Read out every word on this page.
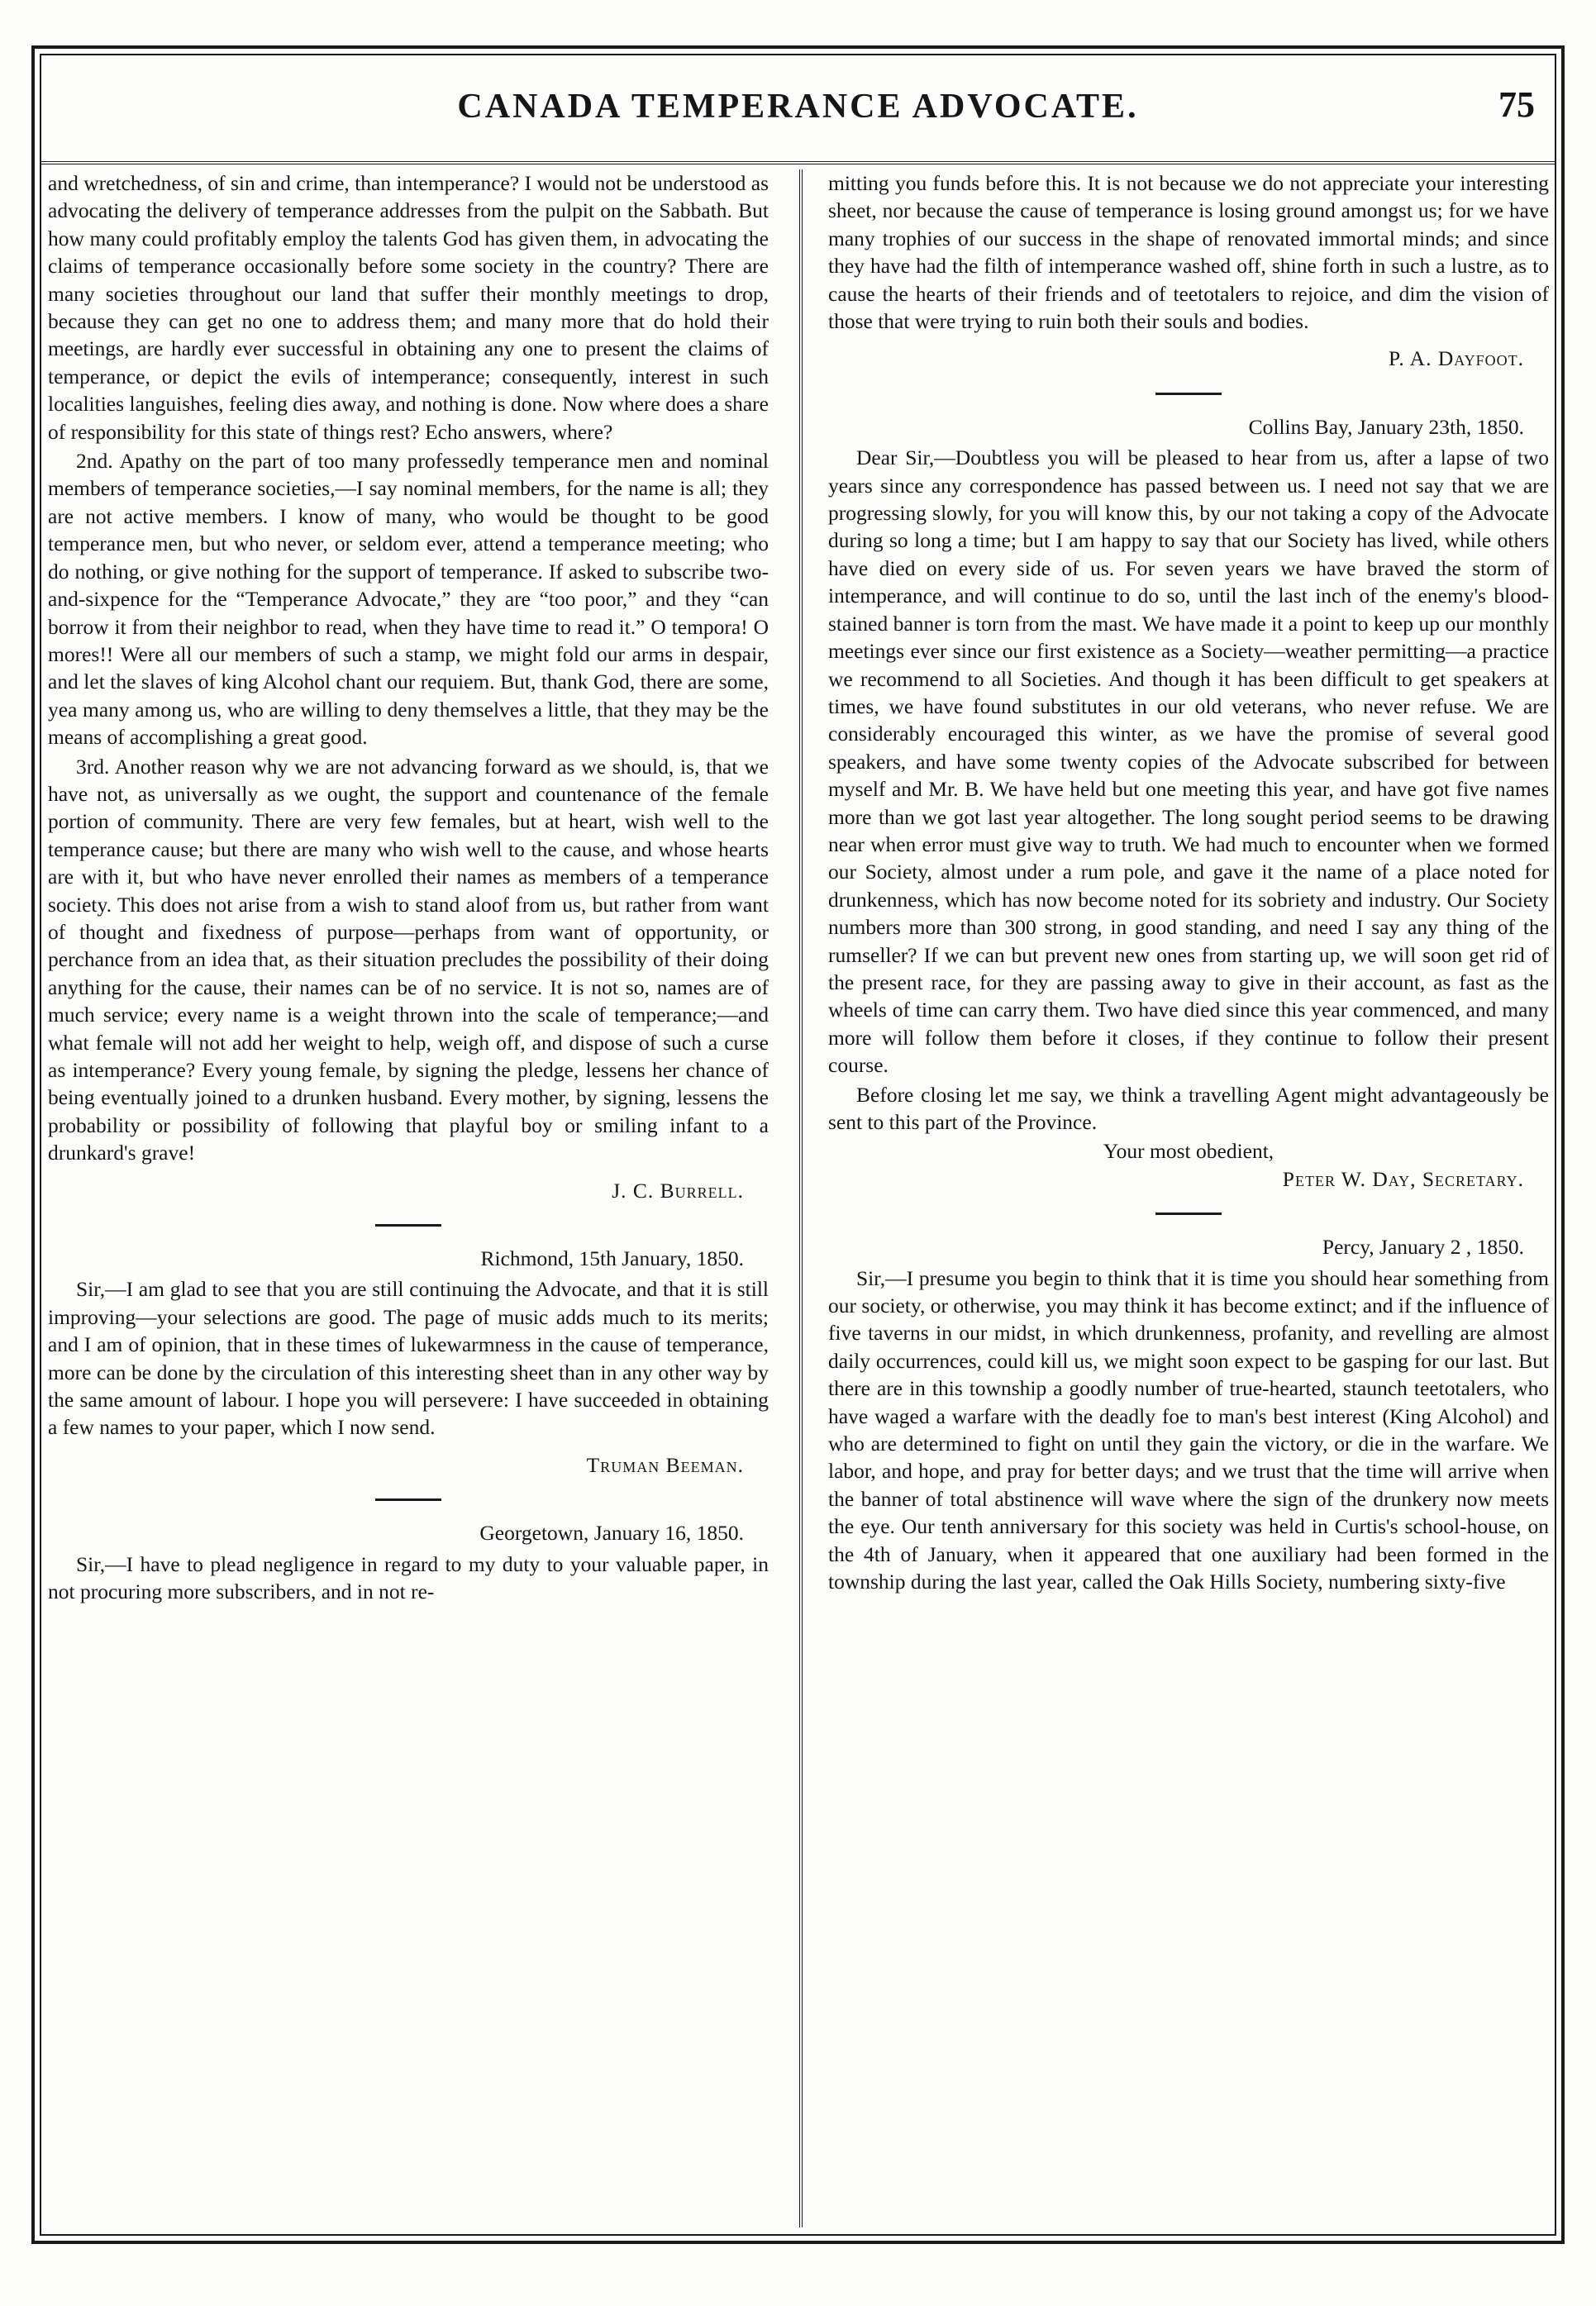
CANADA TEMPERANCE ADVOCATE.	75

and wretchedness, of sin and crime, than intemperance? I would not be understood as advocating the delivery of temperance addresses from the pulpit on the Sabbath. But how many could profitably employ the talents God has given them, in advocating the claims of temperance occasionally before some society in the country? There are many societies throughout our land that suffer their monthly meetings to drop, because they can get no one to address them; and many more that do hold their meetings, are hardly ever successful in obtaining any one to present the claims of temperance, or depict the evils of intemperance; consequently, interest in such localities languishes, feeling dies away, and nothing is done. Now where does a share of responsibility for this state of things rest? Echo answers, where?

2nd. Apathy on the part of too many professedly temperance men and nominal members of temperance societies,—I say nominal members, for the name is all; they are not active members. I know of many, who would be thought to be good temperance men, but who never, or seldom ever, attend a temperance meeting; who do nothing, or give nothing for the support of temperance. If asked to subscribe two-and-sixpence for the “Temperance Advocate,” they are “too poor,” and they “can borrow it from their neighbor to read, when they have time to read it.” O tempora! O mores!! Were all our members of such a stamp, we might fold our arms in despair, and let the slaves of king Alcohol chant our requiem. But, thank God, there are some, yea many among us, who are willing to deny themselves a little, that they may be the means of accomplishing a great good.

3rd. Another reason why we are not advancing forward as we should, is, that we have not, as universally as we ought, the support and countenance of the female portion of community. There are very few females, but at heart, wish well to the temperance cause; but there are many who wish well to the cause, and whose hearts are with it, but who have never enrolled their names as members of a temperance society. This does not arise from a wish to stand aloof from us, but rather from want of thought and fixedness of purpose—perhaps from want of opportunity, or perchance from an idea that, as their situation precludes the possibility of their doing anything for the cause, their names can be of no service. It is not so, names are of much service; every name is a weight thrown into the scale of temperance;—and what female will not add her weight to help, weigh off, and dispose of such a curse as intemperance? Every young female, by signing the pledge, lessens her chance of being eventually joined to a drunken husband. Every mother, by signing, lessens the probability or possibility of following that playful boy or smiling infant to a drunkard's grave!

J. C. Burrell.

Richmond, 15th January, 1850.

Sir,—I am glad to see that you are still continuing the Advocate, and that it is still improving—your selections are good. The page of music adds much to its merits; and I am of opinion, that in these times of lukewarmness in the cause of temperance, more can be done by the circulation of this interesting sheet than in any other way by the same amount of labour. I hope you will persevere: I have succeeded in obtaining a few names to your paper, which I now send.

Truman Beeman.

Georgetown, January 16, 1850.

Sir,—I have to plead negligence in regard to my duty to your valuable paper, in not procuring more subscribers, and in not re-

mitting you funds before this. It is not because we do not appreciate your interesting sheet, nor because the cause of temperance is losing ground amongst us; for we have many trophies of our success in the shape of renovated immortal minds; and since they have had the filth of intemperance washed off, shine forth in such a lustre, as to cause the hearts of their friends and of teetotalers to rejoice, and dim the vision of those that were trying to ruin both their souls and bodies.

P. A. Dayfoot.

Collins Bay, January 23th, 1850.

Dear Sir,—Doubtless you will be pleased to hear from us, after a lapse of two years since any correspondence has passed between us. I need not say that we are progressing slowly, for you will know this, by our not taking a copy of the Advocate during so long a time; but I am happy to say that our Society has lived, while others have died on every side of us. For seven years we have braved the storm of intemperance, and will continue to do so, until the last inch of the enemy's blood-stained banner is torn from the mast. We have made it a point to keep up our monthly meetings ever since our first existence as a Society—weather permitting—a practice we recommend to all Societies. And though it has been difficult to get speakers at times, we have found substitutes in our old veterans, who never refuse. We are considerably encouraged this winter, as we have the promise of several good speakers, and have some twenty copies of the Advocate subscribed for between myself and Mr. B. We have held but one meeting this year, and have got five names more than we got last year altogether. The long sought period seems to be drawing near when error must give way to truth. We had much to encounter when we formed our Society, almost under a rum pole, and gave it the name of a place noted for drunkenness, which has now become noted for its sobriety and industry. Our Society numbers more than 300 strong, in good standing, and need I say any thing of the rumseller? If we can but prevent new ones from starting up, we will soon get rid of the present race, for they are passing away to give in their account, as fast as the wheels of time can carry them. Two have died since this year commenced, and many more will follow them before it closes, if they continue to follow their present course.

Before closing let me say, we think a travelling Agent might advantageously be sent to this part of the Province.

Your most obedient,

Peter W. Day, Secretary.

Percy, January 2 , 1850.

Sir,—I presume you begin to think that it is time you should hear something from our society, or otherwise, you may think it has become extinct; and if the influence of five taverns in our midst, in which drunkenness, profanity, and revelling are almost daily occurrences, could kill us, we might soon expect to be gasping for our last. But there are in this township a goodly number of true-hearted, staunch teetotalers, who have waged a warfare with the deadly foe to man's best interest (King Alcohol) and who are determined to fight on until they gain the victory, or die in the warfare. We labor, and hope, and pray for better days; and we trust that the time will arrive when the banner of total abstinence will wave where the sign of the drunkery now meets the eye. Our tenth anniversary for this society was held in Curtis's school-house, on the 4th of January, when it appeared that one auxiliary had been formed in the township during the last year, called the Oak Hills Society, numbering sixty-five
